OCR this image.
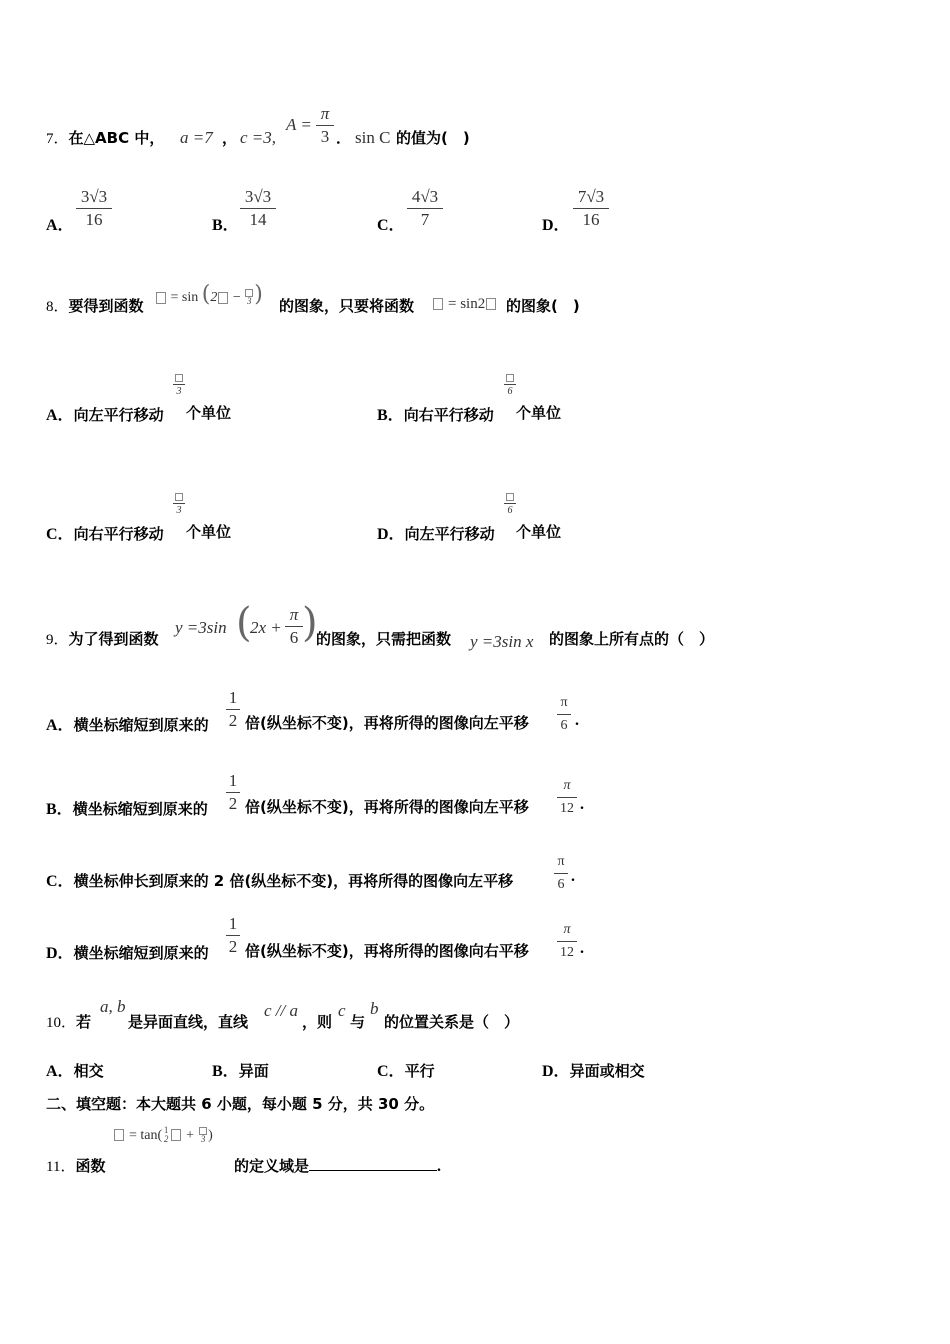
7．在△ABC 中， a =7 ， c =3,
A =
π
3 ． sin C 的值为(　)
A．
3√3
16	B．
3√3
14	C．
4√3
7	D．
7√3
16
8．要得到函数	= sin (2 − 3 ) 的图象，只要将函数	= sin2	的图象(　)
A．向左平行移动
3
个单位	B．向右平行移动
6
个单位
C．向右平行移动
3
个单位	D．向左平行移动
6
个单位
9．为了得到函数
y =3sin (
2x +
π
6 )
的图象，只需把函数 y =3sin x 的图象上所有点的（　）
A．横坐标缩短到原来的
1
2 倍(纵坐标不变)，再将所得的图像向左平移
π
6 .
B．横坐标缩短到原来的
1
2 倍(纵坐标不变)，再将所得的图像向左平移
π
12 .
C．横坐标伸长到原来的 2 倍(纵坐标不变)，再将所得的图像向左平移
π
6 .
D．横坐标缩短到原来的
1
2 倍(纵坐标不变)，再将所得的图像向右平移
π
12 .
10．若
a, b
是异面直线，直线
c // a
，则
c
与
b
的位置关系是（　）
A．相交	B．异面	C．平行	D．异面或相交
二、填空题：本大题共 6 小题，每小题 5 分，共 30 分。
= tan( 1
2 + 3 )
11．函数	的定义域是	.
